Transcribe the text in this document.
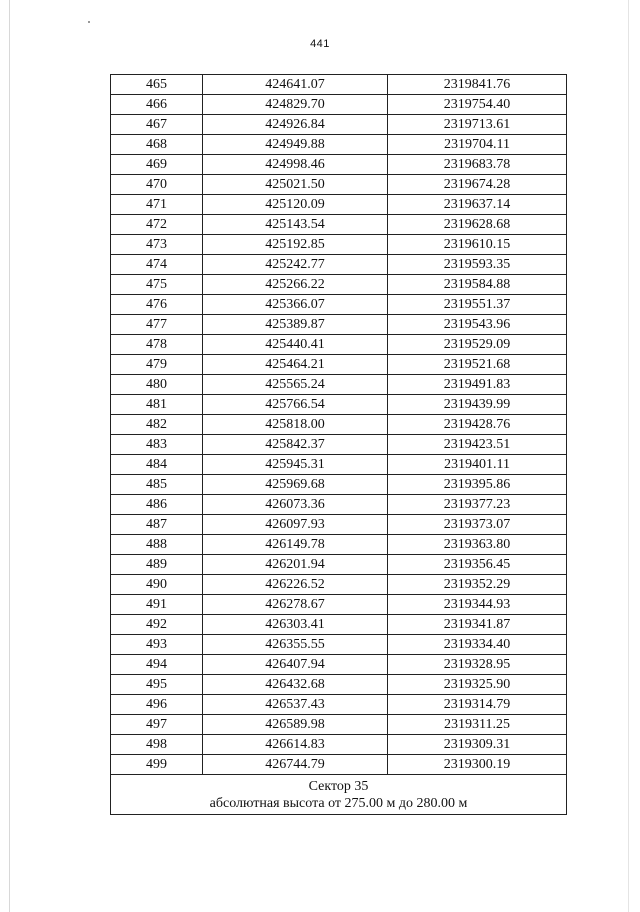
441
465	424641.07	2319841.76
466	424829.70	2319754.40
467	424926.84	2319713.61
468	424949.88	2319704.11
469	424998.46	2319683.78
470	425021.50	2319674.28
471	425120.09	2319637.14
472	425143.54	2319628.68
473	425192.85	2319610.15
474	425242.77	2319593.35
475	425266.22	2319584.88
476	425366.07	2319551.37
477	425389.87	2319543.96
478	425440.41	2319529.09
479	425464.21	2319521.68
480	425565.24	2319491.83
481	425766.54	2319439.99
482	425818.00	2319428.76
483	425842.37	2319423.51
484	425945.31	2319401.11
485	425969.68	2319395.86
486	426073.36	2319377.23
487	426097.93	2319373.07
488	426149.78	2319363.80
489	426201.94	2319356.45
490	426226.52	2319352.29
491	426278.67	2319344.93
492	426303.41	2319341.87
493	426355.55	2319334.40
494	426407.94	2319328.95
495	426432.68	2319325.90
496	426537.43	2319314.79
497	426589.98	2319311.25
498	426614.83	2319309.31
499	426744.79	2319300.19

Сектор 35
абсолютная высота от 275.00 м до 280.00 м		
